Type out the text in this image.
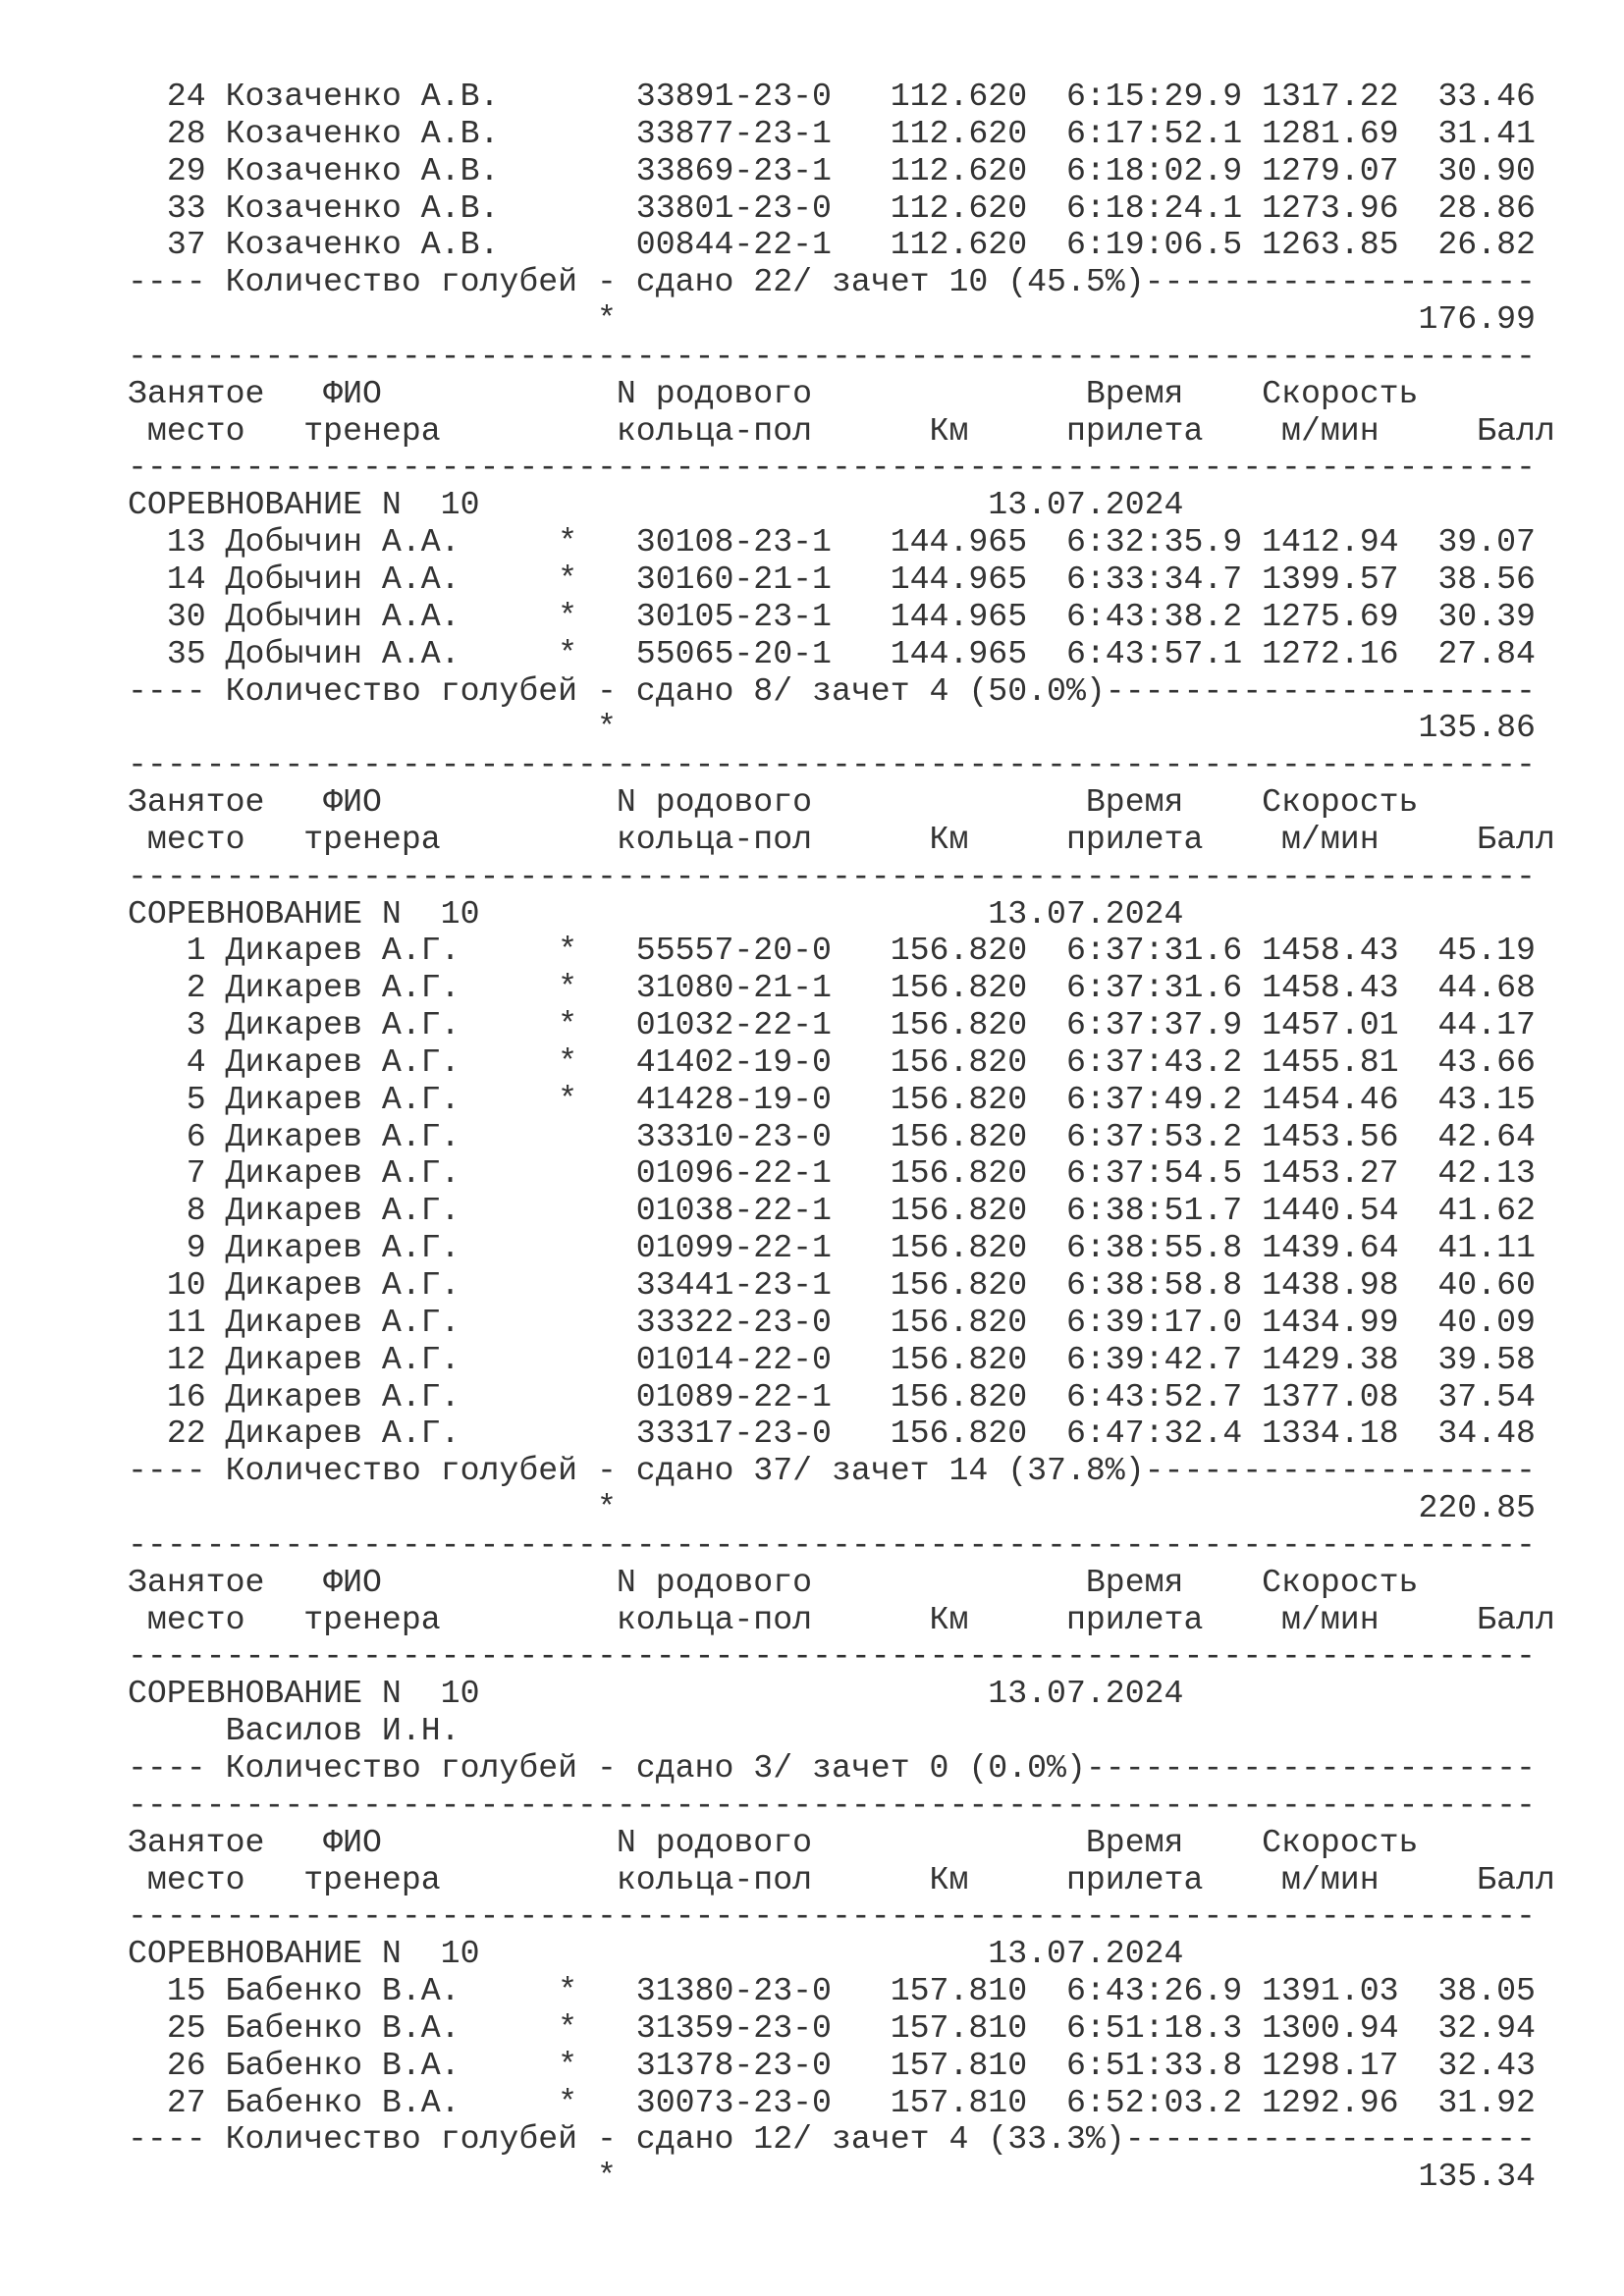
24 Козаченко А.В.       33891-23-0   112.620  6:15:29.9 1317.22  33.46
28 Козаченко А.В.       33877-23-1   112.620  6:17:52.1 1281.69  31.41
29 Козаченко А.В.       33869-23-1   112.620  6:18:02.9 1279.07  30.90
33 Козаченко А.В.       33801-23-0   112.620  6:18:24.1 1273.96  28.86
37 Козаченко А.В.       00844-22-1   112.620  6:19:06.5 1263.85  26.82
---- Количество голубей - сдано 22/ зачет 10 (45.5%)--------------------
*                                         176.99
------------------------------------------------------------------------
Занятое   ФИО            N родового              Время    Скорость
место   тренера         кольца-пол      Км     прилета    м/мин     Балл
------------------------------------------------------------------------
СОРЕВНОВАНИЕ N  10                          13.07.2024
13 Добычин А.А.     *   30108-23-1   144.965  6:32:35.9 1412.94  39.07
14 Добычин А.А.     *   30160-21-1   144.965  6:33:34.7 1399.57  38.56
30 Добычин А.А.     *   30105-23-1   144.965  6:43:38.2 1275.69  30.39
35 Добычин А.А.     *   55065-20-1   144.965  6:43:57.1 1272.16  27.84
---- Количество голубей - сдано 8/ зачет 4 (50.0%)----------------------
*                                         135.86
------------------------------------------------------------------------
Занятое   ФИО            N родового              Время    Скорость
место   тренера         кольца-пол      Км     прилета    м/мин     Балл
------------------------------------------------------------------------
СОРЕВНОВАНИЕ N  10                          13.07.2024
1 Дикарев А.Г.     *   55557-20-0   156.820  6:37:31.6 1458.43  45.19
2 Дикарев А.Г.     *   31080-21-1   156.820  6:37:31.6 1458.43  44.68
3 Дикарев А.Г.     *   01032-22-1   156.820  6:37:37.9 1457.01  44.17
4 Дикарев А.Г.     *   41402-19-0   156.820  6:37:43.2 1455.81  43.66
5 Дикарев А.Г.     *   41428-19-0   156.820  6:37:49.2 1454.46  43.15
6 Дикарев А.Г.         33310-23-0   156.820  6:37:53.2 1453.56  42.64
7 Дикарев А.Г.         01096-22-1   156.820  6:37:54.5 1453.27  42.13
8 Дикарев А.Г.         01038-22-1   156.820  6:38:51.7 1440.54  41.62
9 Дикарев А.Г.         01099-22-1   156.820  6:38:55.8 1439.64  41.11
10 Дикарев А.Г.         33441-23-1   156.820  6:38:58.8 1438.98  40.60
11 Дикарев А.Г.         33322-23-0   156.820  6:39:17.0 1434.99  40.09
12 Дикарев А.Г.         01014-22-0   156.820  6:39:42.7 1429.38  39.58
16 Дикарев А.Г.         01089-22-1   156.820  6:43:52.7 1377.08  37.54
22 Дикарев А.Г.         33317-23-0   156.820  6:47:32.4 1334.18  34.48
---- Количество голубей - сдано 37/ зачет 14 (37.8%)--------------------
*                                         220.85
------------------------------------------------------------------------
Занятое   ФИО            N родового              Время    Скорость
место   тренера         кольца-пол      Км     прилета    м/мин     Балл
------------------------------------------------------------------------
СОРЕВНОВАНИЕ N  10                          13.07.2024
Василов И.Н.
---- Количество голубей - сдано 3/ зачет 0 (0.0%)-----------------------
------------------------------------------------------------------------
Занятое   ФИО            N родового              Время    Скорость
место   тренера         кольца-пол      Км     прилета    м/мин     Балл
------------------------------------------------------------------------
СОРЕВНОВАНИЕ N  10                          13.07.2024
15 Бабенко В.А.     *   31380-23-0   157.810  6:43:26.9 1391.03  38.05
25 Бабенко В.А.     *   31359-23-0   157.810  6:51:18.3 1300.94  32.94
26 Бабенко В.А.     *   31378-23-0   157.810  6:51:33.8 1298.17  32.43
27 Бабенко В.А.     *   30073-23-0   157.810  6:52:03.2 1292.96  31.92
---- Количество голубей - сдано 12/ зачет 4 (33.3%)---------------------
*                                         135.34
